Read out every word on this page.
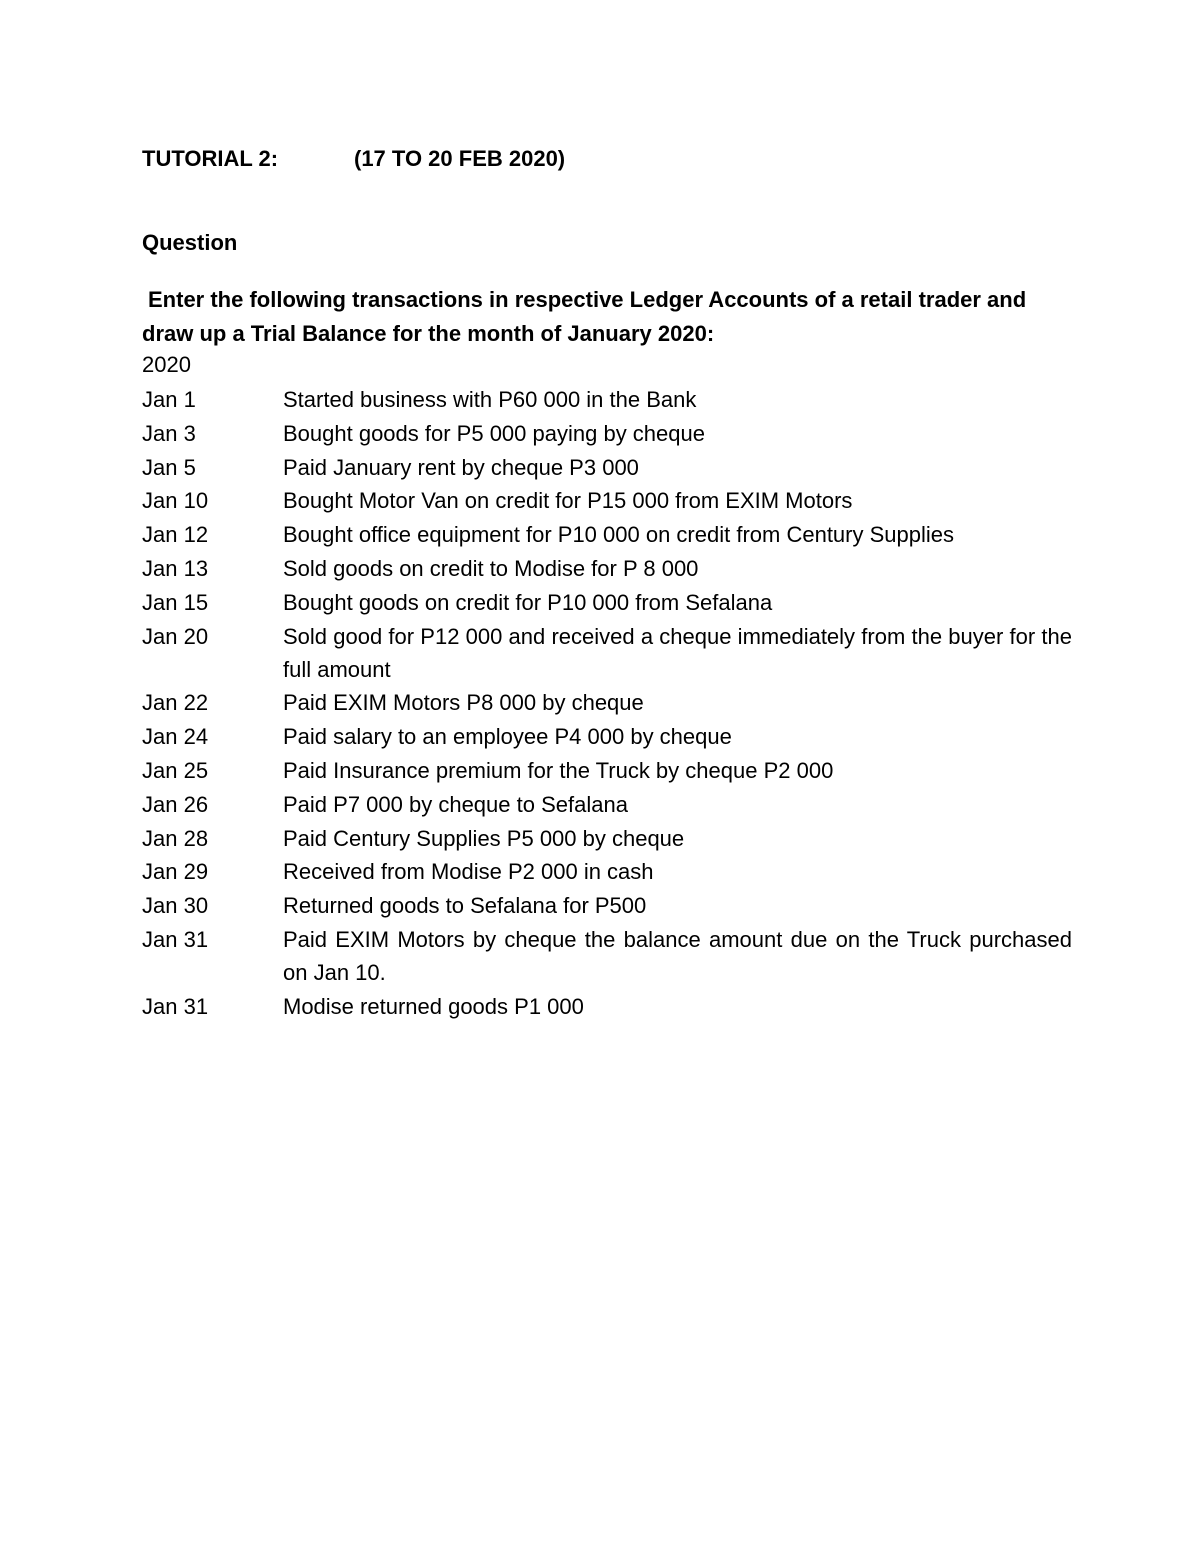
TUTORIAL 2:	(17 TO 20 FEB 2020)
Question
Enter the following transactions in respective Ledger Accounts of a retail trader and draw up a Trial Balance for the month of January 2020:
2020
Jan 1	Started business with P60 000 in the Bank
Jan 3	Bought goods for P5 000 paying by cheque
Jan 5	Paid January rent by cheque P3 000
Jan 10	Bought Motor Van on credit for P15 000 from EXIM Motors
Jan 12	Bought office equipment for P10 000 on credit from Century Supplies
Jan 13	Sold goods on credit to Modise for P 8 000
Jan 15	Bought goods on credit for P10 000 from Sefalana
Jan 20	Sold good for P12 000 and received a cheque immediately from the buyer for the full amount
Jan 22	Paid EXIM Motors P8 000 by cheque
Jan 24	Paid salary to an employee P4 000 by cheque
Jan 25	Paid Insurance premium for the Truck by cheque P2 000
Jan 26	Paid P7 000 by cheque to Sefalana
Jan 28	Paid Century Supplies P5 000 by cheque
Jan 29	Received from Modise P2 000 in cash
Jan 30	Returned goods to Sefalana for P500
Jan 31	Paid EXIM Motors by cheque the balance amount due on the Truck purchased on Jan 10.
Jan 31	Modise returned goods P1 000
